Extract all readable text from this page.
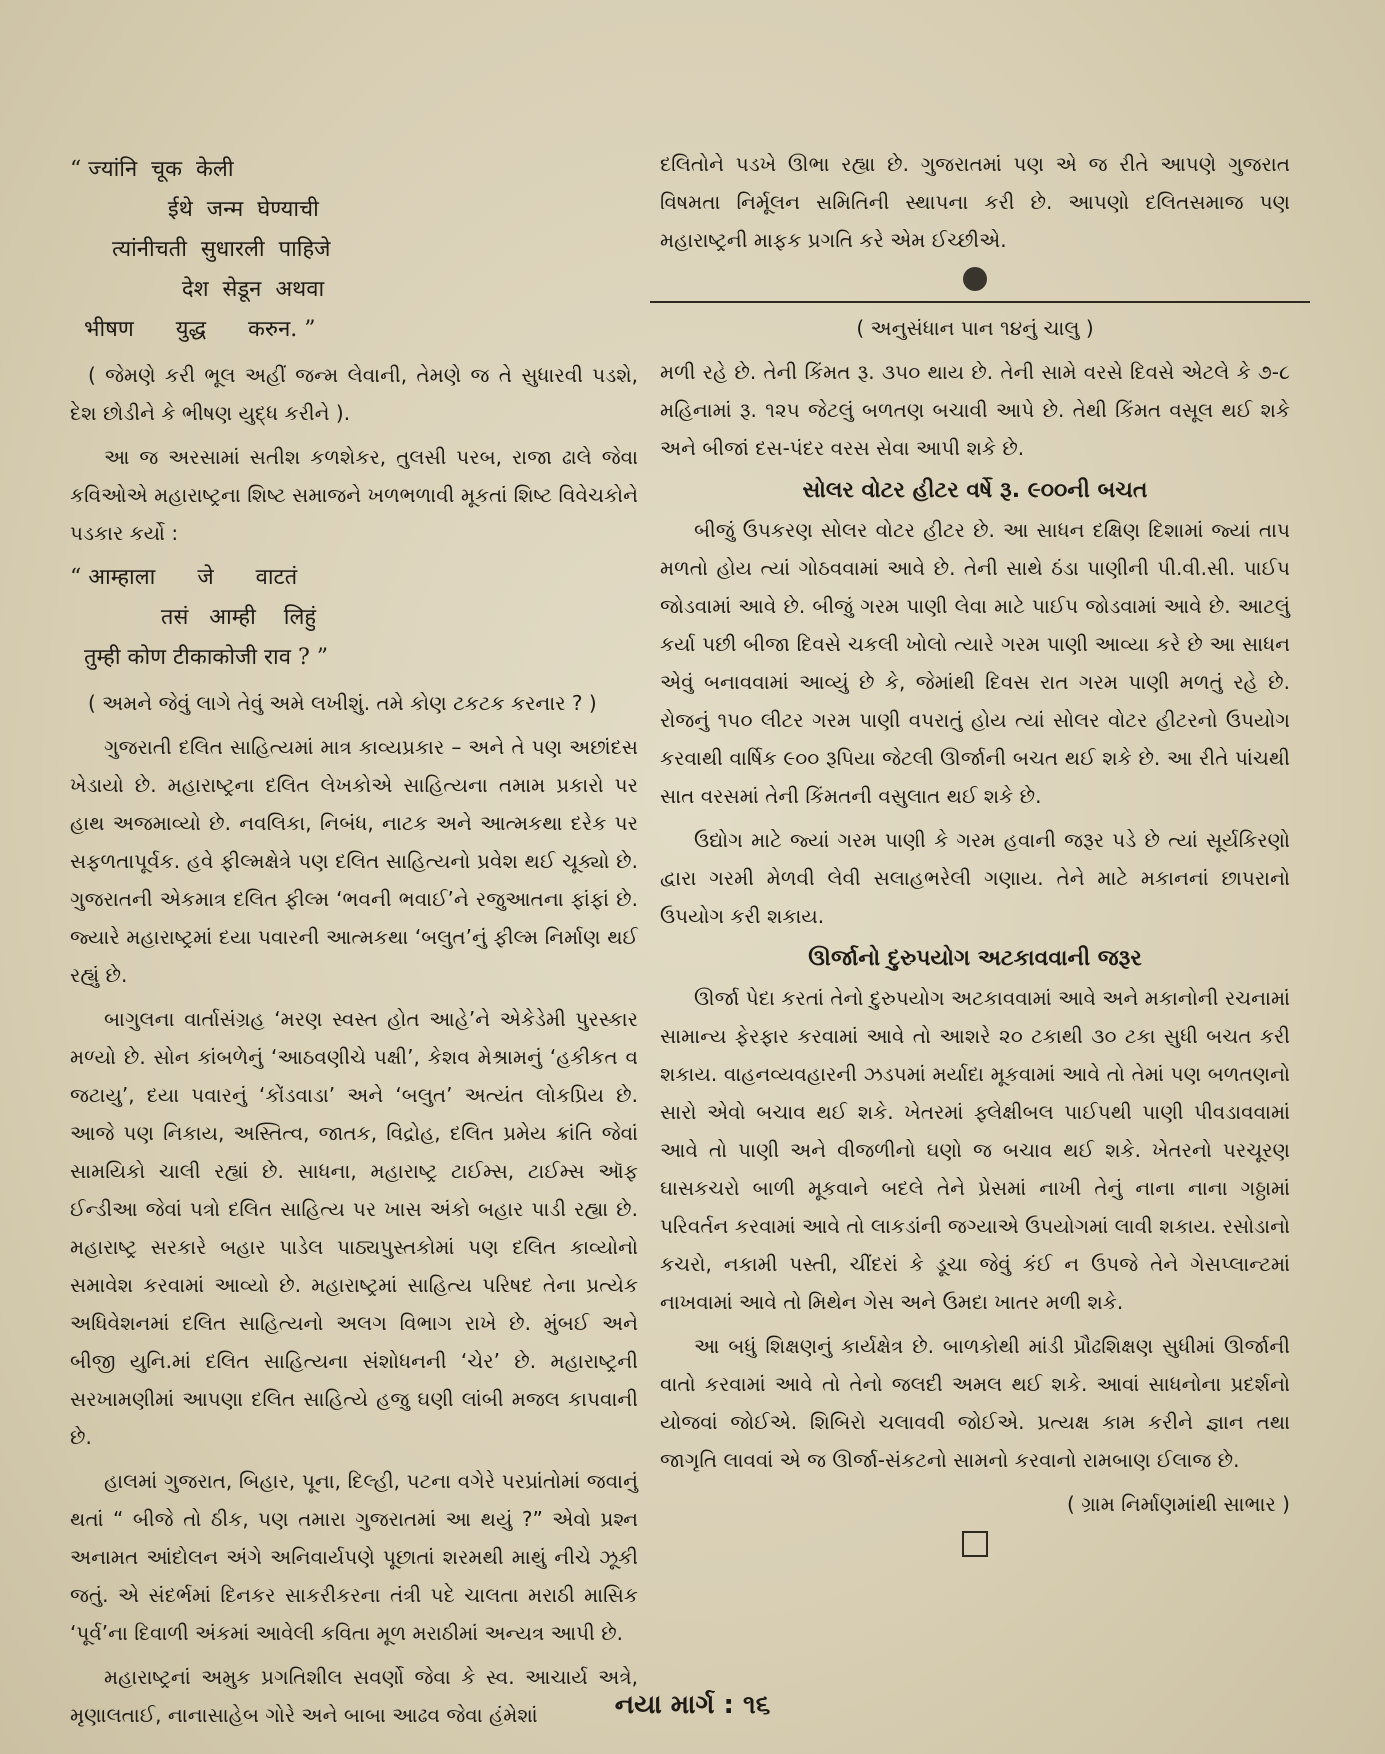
“ ज्यांनि  चूक  केली
ईथे  जन्म  घेण्याची
त्यांनीचती  सुधारली  पाहिजे
देश  सेडून  अथवा
भीषण      युद्ध      करुन. ”

( જેમણે કરી ભૂલ અહીં જન્મ લેવાની, તેમણે જ તે સુધારવી પડશે, દેશ છોડીને કે ભીષણ યુદ્ધ કરીને ).

આ જ અરસામાં સતીશ કળશેકર, તુલસી પરબ, રાજા ઢાલે જેવા કવિઓએ મહારાષ્ટ્રના શિષ્ટ સમાજને ખળભળાવી મૂકતાં શિષ્ટ વિવેચકોને પડકાર કર્યો :

“ आम्हाला      जे      वाटतं
तसं   आम्ही    लिहुं
तुम्ही कोण टीकाकोजी राव ? ”

( અમને જેવું લાગે તેવું અમે લખીશું. તમે કોણ ટકટક કરનાર ? )

ગુજરાતી દલિત સાહિત્યમાં માત્ર કાવ્યપ્રકાર – અને તે પણ અછાંદસ ખેડાયો છે. મહારાષ્ટ્રના દલિત લેખકોએ સાહિત્યના તમામ પ્રકારો પર હાથ અજમાવ્યો છે. નવલિકા, નિબંધ, નાટક અને આત્મકથા દરેક પર સફળતાપૂર્વક. હવે ફીલ્મક્ષેત્રે પણ દલિત સાહિત્યનો પ્રવેશ થઈ ચૂક્યો છે. ગુજરાતની એકમાત્ર દલિત ફીલ્મ ‘ભવની ભવાઈ’ને રજુઆતના ફાંફાં છે. જ્યારે મહારાષ્ટ્રમાં દયા પવારની આત્મકથા ‘બલુત’નું ફીલ્મ નિર્માણ થઈ રહ્યું છે.

બાગુલના વાર્તાસંગ્રહ ‘મરણ સ્વસ્ત હોત આહે’ને એકેડેમી પુરસ્કાર મળ્યો છે. સોન કાંબળેનું ‘આઠવણીચે પક્ષી’, કેશવ મેશ્રામનું ‘હકીકત વ જટાયુ’, દયા પવારનું ‘કોંડવાડા’ અને ‘બલુત’ અત્યંત લોકપ્રિય છે. આજે પણ નિકાય, અસ્તિત્વ, જાતક, વિદ્રોહ, દલિત પ્રમેય ક્રાંતિ જેવાં સામયિકો ચાલી રહ્યાં છે. સાધના, મહારાષ્ટ્ર ટાઈમ્સ, ટાઈમ્સ ઑફ ઈન્ડીઆ જેવાં પત્રો દલિત સાહિત્ય પર ખાસ અંકો બહાર પાડી રહ્યા છે. મહારાષ્ટ્ર સરકારે બહાર પાડેલ પાઠ્યપુસ્તકોમાં પણ દલિત કાવ્યોનો સમાવેશ કરવામાં આવ્યો છે. મહારાષ્ટ્રમાં સાહિત્ય પરિષદ તેના પ્રત્યેક અધિવેશનમાં દલિત સાહિત્યનો અલગ વિભાગ રાખે છે. મુંબઈ અને બીજી યુનિ.માં દલિત સાહિત્યના સંશોધનની ‘ચેર’ છે. મહારાષ્ટ્રની સરખામણીમાં આપણા દલિત સાહિત્યે હજુ ઘણી લાંબી મજલ કાપવાની છે.

હાલમાં ગુજરાત, બિહાર, પૂના, દિલ્હી, પટના વગેરે પરપ્રાંતોમાં જવાનું થતાં “ બીજે તો ઠીક, પણ તમારા ગુજરાતમાં આ થયું ?” એવો પ્રશ્ન અનામત આંદોલન અંગે અનિવાર્યપણે પૂછાતાં શરમથી માથું નીચે ઝૂકી જતું. એ સંદર્ભમાં દિનકર સાકરીકરના તંત્રી પદે ચાલતા મરાઠી માસિક ‘પૂર્વ’ના દિવાળી અંકમાં આવેલી કવિતા મૂળ મરાઠીમાં અન્યત્ર આપી છે.

મહારાષ્ટ્રનાં અમુક પ્રગતિશીલ સવર્ણો જેવા કે સ્વ. આચાર્ય અત્રે, મૃણાલતાઈ, નાનાસાહેબ ગોરે અને બાબા આઢવ જેવા હંમેશાં

દલિતોને પડખે ઊભા રહ્યા છે. ગુજરાતમાં પણ એ જ રીતે આપણે ગુજરાત વિષમતા નિર્મૂલન સમિતિની સ્થાપના કરી છે. આપણો દલિતસમાજ પણ મહારાષ્ટ્રની માફક પ્રગતિ કરે એમ ઈચ્છીએ.

( અનુસંધાન પાન ૧૪નું ચાલુ )

મળી રહે છે. તેની કિંમત રૂ. ૩૫૦ થાય છે. તેની સામે વરસે દિવસે એટલે કે ૭-૮ મહિનામાં રૂ. ૧૨૫ જેટલું બળતણ બચાવી આપે છે. તેથી કિંમત વસૂલ થઈ શકે અને બીજાં દસ-પંદર વરસ સેવા આપી શકે છે.

સોલર વોટર હીટર વર્ષે રૂ. ૯૦૦ની બચત

બીજું ઉપકરણ સોલર વોટર હીટર છે. આ સાધન દક્ષિણ દિશામાં જ્યાં તાપ મળતો હોય ત્યાં ગોઠવવામાં આવે છે. તેની સાથે ઠંડા પાણીની પી.વી.સી. પાઈપ જોડવામાં આવે છે. બીજું ગરમ પાણી લેવા માટે પાઈપ જોડવામાં આવે છે. આટલું કર્યા પછી બીજા દિવસે ચકલી ખોલો ત્યારે ગરમ પાણી આવ્યા કરે છે આ સાધન એવું બનાવવામાં આવ્યું છે કે, જેમાંથી દિવસ રાત ગરમ પાણી મળતું રહે છે. રોજનું ૧૫૦ લીટર ગરમ પાણી વપરાતું હોય ત્યાં સોલર વોટર હીટરનો ઉપયોગ કરવાથી વાર્ષિક ૯૦૦ રૂપિયા જેટલી ઊર્જાની બચત થઈ શકે છે. આ રીતે પાંચથી સાત વરસમાં તેની કિંમતની વસુલાત થઈ શકે છે.

ઉદ્યોગ માટે જ્યાં ગરમ પાણી કે ગરમ હવાની જરૂર પડે છે ત્યાં સૂર્યકિરણો દ્વારા ગરમી મેળવી લેવી સલાહભરેલી ગણાય. તેને માટે મકાનનાં છાપરાનો ઉપયોગ કરી શકાય.

ઊર્જાનો દુરુપયોગ અટકાવવાની જરૂર

ઊર્જા પેદા કરતાં તેનો દુરુપયોગ અટકાવવામાં આવે અને મકાનોની રચનામાં સામાન્ય ફેરફાર કરવામાં આવે તો આશરે ૨૦ ટકાથી ૩૦ ટકા સુધી બચત કરી શકાય. વાહનવ્યવહારની ઝડપમાં મર્યાદા મૂકવામાં આવે તો તેમાં પણ બળતણનો સારો એવો બચાવ થઈ શકે. ખેતરમાં ફ્લેક્ષીબલ પાઈપથી પાણી પીવડાવવામાં આવે તો પાણી અને વીજળીનો ઘણો જ બચાવ થઈ શકે. ખેતરનો પરચૂરણ ઘાસકચરો બાળી મૂકવાને બદલે તેને પ્રેસમાં નાખી તેનું નાના નાના ગઠ્ઠામાં પરિવર્તન કરવામાં આવે તો લાકડાંની જગ્યાએ ઉપયોગમાં લાવી શકાય. રસોડાનો કચરો, નકામી પસ્તી, ચીંદરાં કે ડૂચા જેવું કંઈ ન ઉપજે તેને ગેસપ્લાન્ટમાં નાખવામાં આવે તો મિથેન ગેસ અને ઉમદા ખાતર મળી શકે.

આ બધું શિક્ષણનું કાર્યક્ષેત્ર છે. બાળકોથી માંડી પ્રૌઢશિક્ષણ સુધીમાં ઊર્જાની વાતો કરવામાં આવે તો તેનો જલદી અમલ થઈ શકે. આવાં સાધનોના પ્રદર્શનો યોજવાં જોઈએ. શિબિરો ચલાવવી જોઈએ. પ્રત્યક્ષ કામ કરીને જ્ઞાન તથા જાગૃતિ લાવવાં એ જ ઊર્જા-સંકટનો સામનો કરવાનો રામબાણ ઈલાજ છે.

( ગ્રામ નિર્માણમાંથી સાભાર )
નયા માર્ગ : ૧૬
